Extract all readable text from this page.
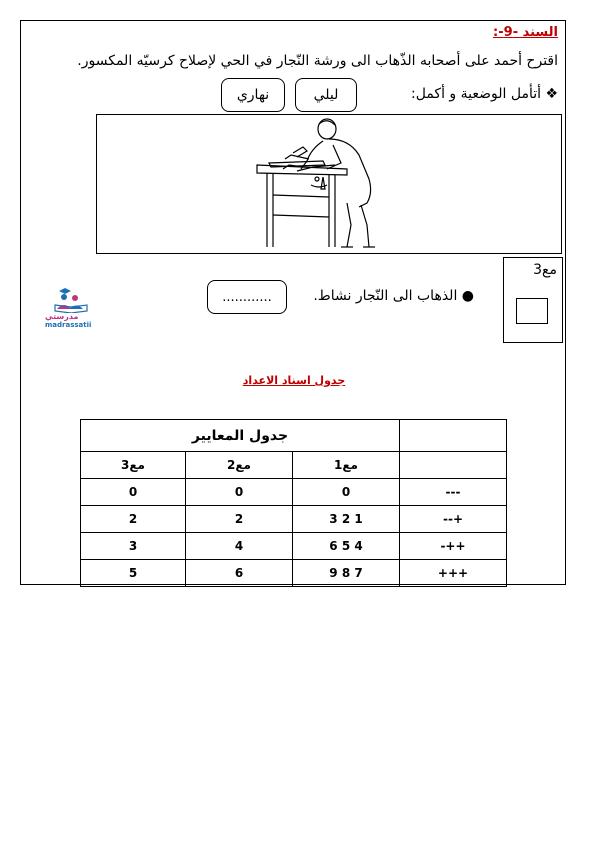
السند -9-:
اقترح أحمد على أصحابه الذّهاب الى ورشة النّجار في الحي لإصلاح كرسيّه المكسور.
❖ أتأمل الوضعية و أكمل:
ليلي
نهاري
مع3
● الذهاب الى النّجار نشاط.
............
مدرستي
madrassatii
جدول اسناد الاعداد
	جدول المعايير		
	مع1	مع2	مع3
---	0	0	0
+--	1 2 3	2	2
++-	4 5 6	4	3
+++	7 8 9	6	5
